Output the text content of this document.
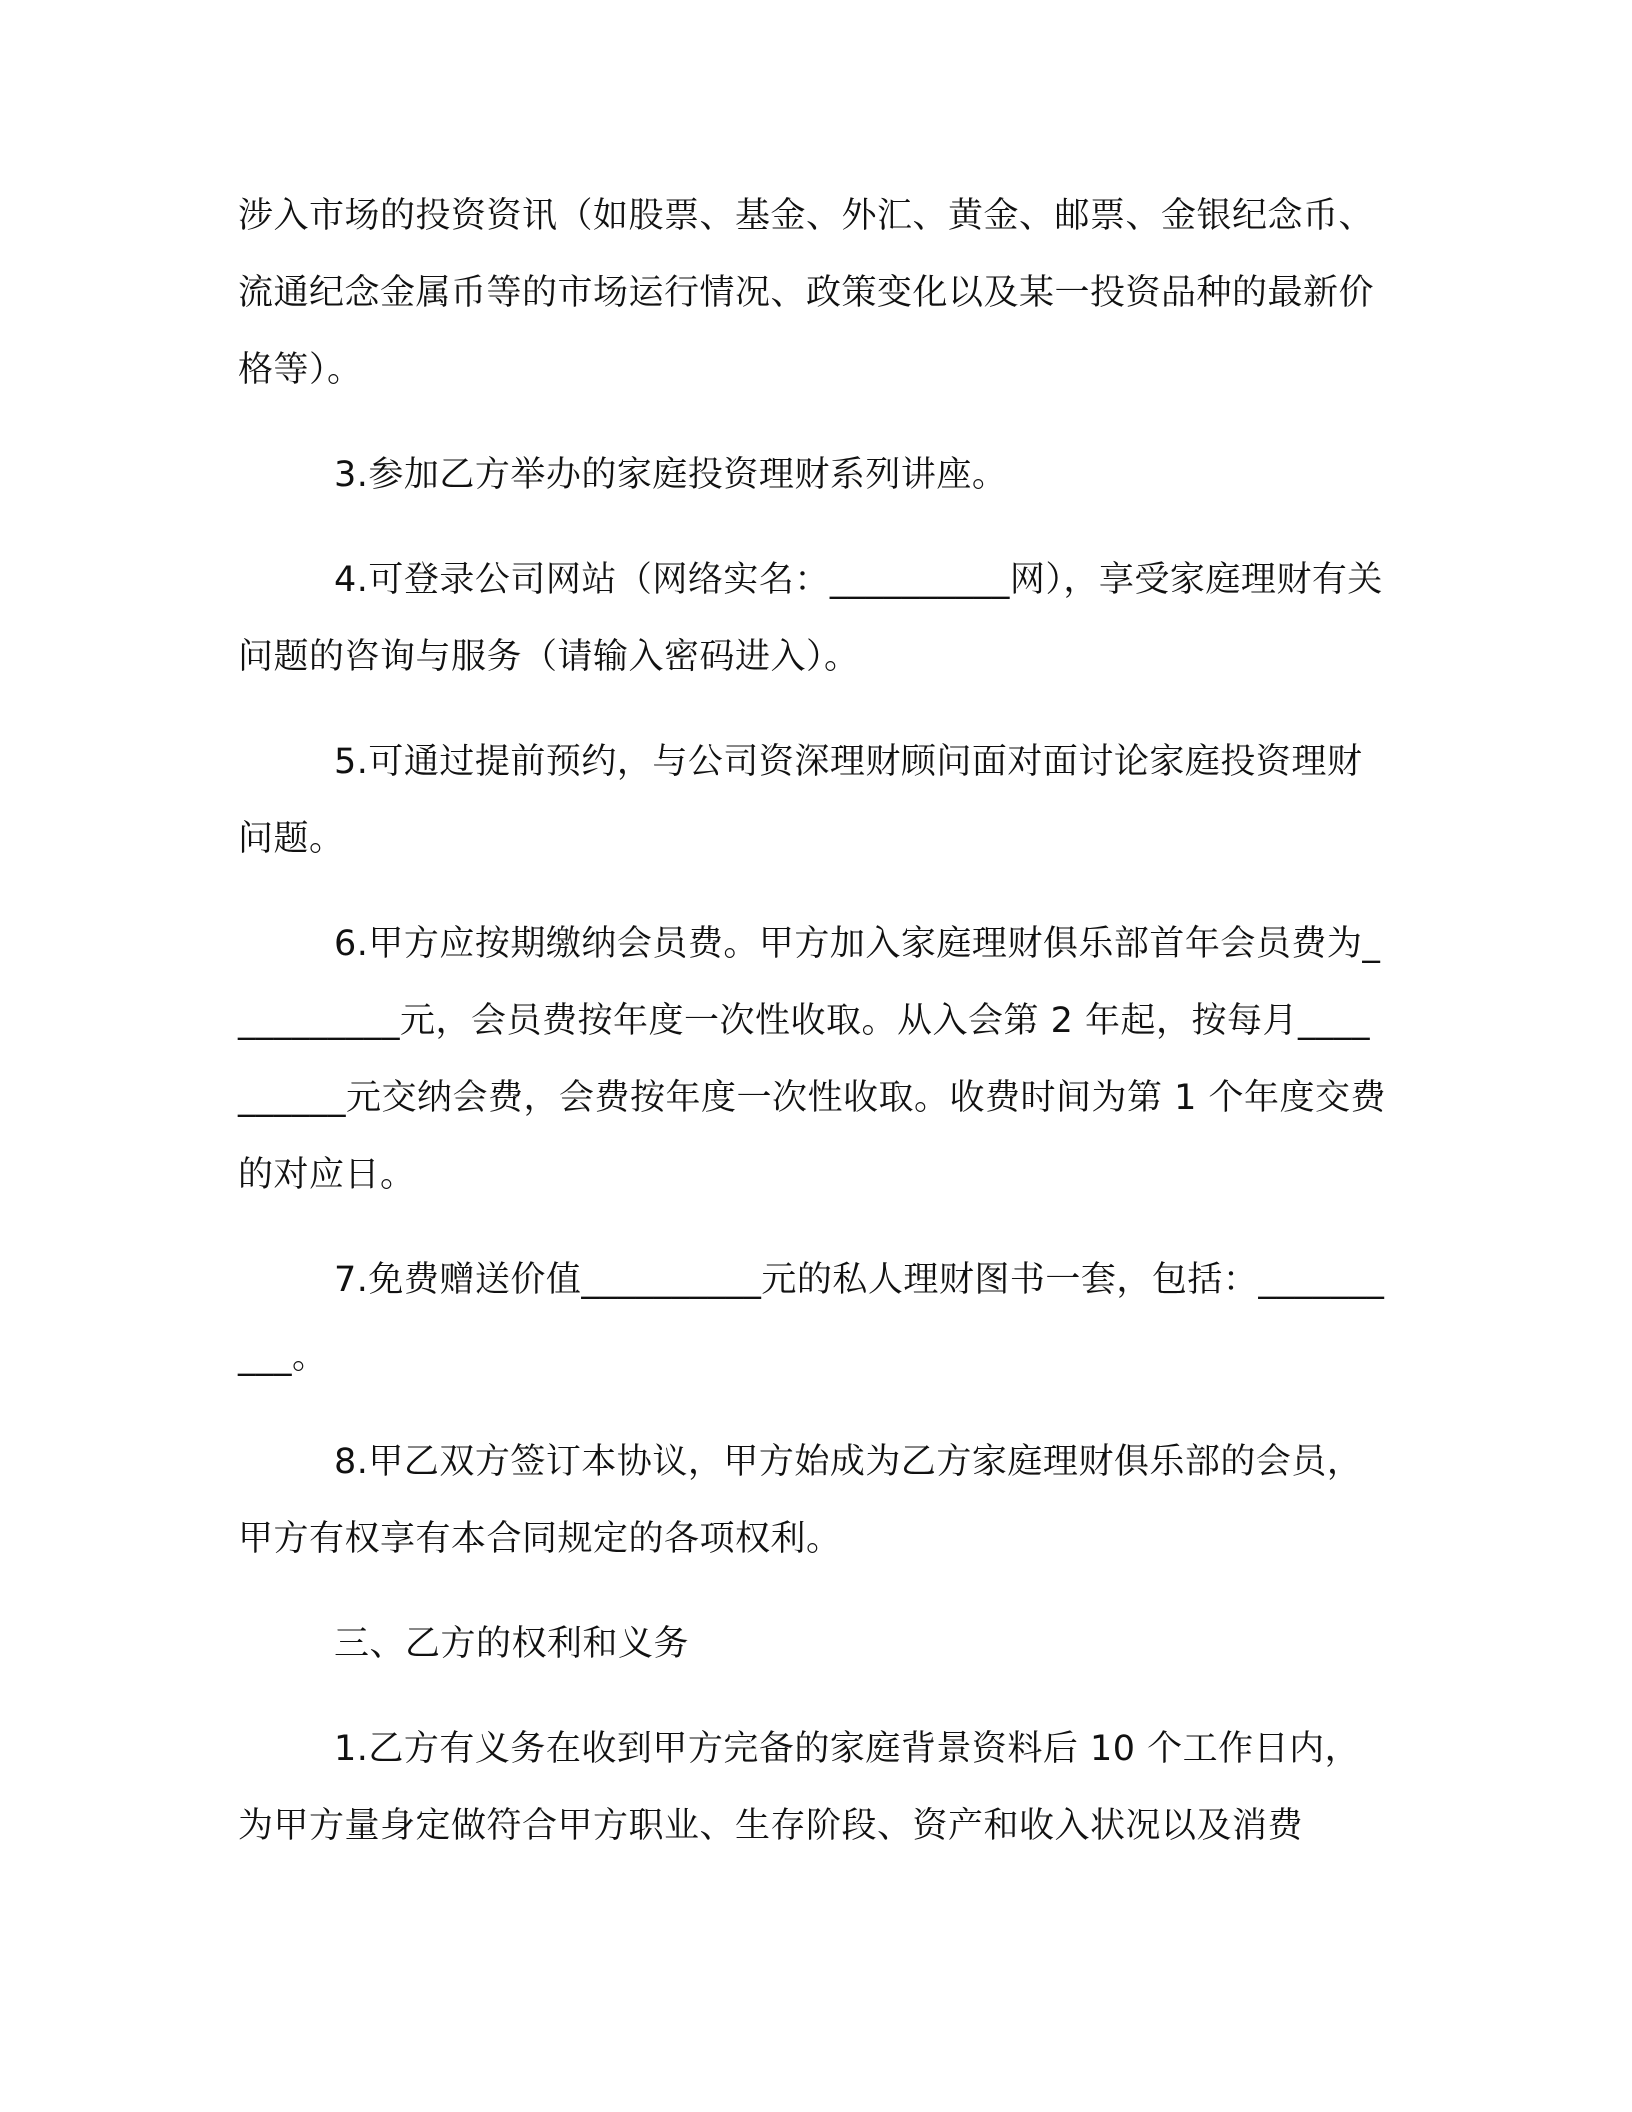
涉入市场的投资资讯（如股票、基金、外汇、黄金、邮票、金银纪念币、流通纪念金属币等的市场运行情况、政策变化以及某一投资品种的最新价格等）。

3.参加乙方举办的家庭投资理财系列讲座。

4.可登录公司网站（网络实名：__________网），享受家庭理财有关问题的咨询与服务（请输入密码进入）。

5.可通过提前预约，与公司资深理财顾问面对面讨论家庭投资理财问题。

6.甲方应按期缴纳会员费。甲方加入家庭理财俱乐部首年会员费为__________元，会员费按年度一次性收取。从入会第 2 年起，按每月__________元交纳会费，会费按年度一次性收取。收费时间为第 1 个年度交费的对应日。

7.免费赠送价值__________元的私人理财图书一套，包括：__________。

8.甲乙双方签订本协议，甲方始成为乙方家庭理财俱乐部的会员，甲方有权享有本合同规定的各项权利。

三、乙方的权利和义务

1.乙方有义务在收到甲方完备的家庭背景资料后 10 个工作日内，为甲方量身定做符合甲方职业、生存阶段、资产和收入状况以及消费
